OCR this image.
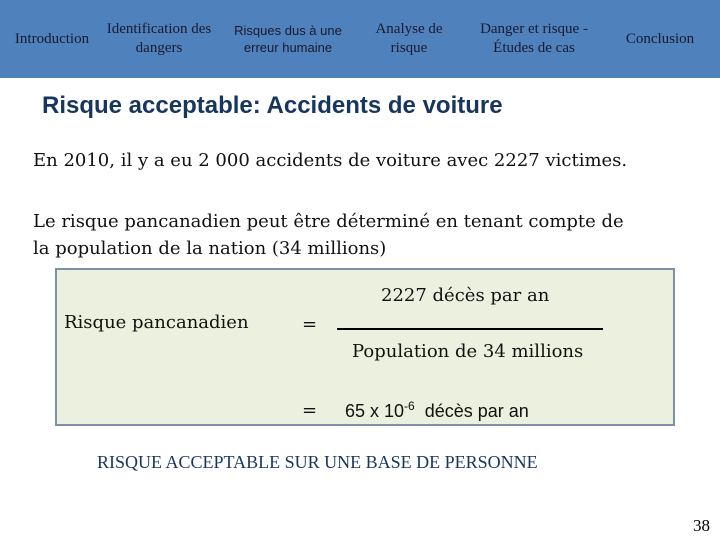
Introduction
Identification des dangers
Risques dus à une erreur humaine
Analyse de risque
Danger et risque - Études de cas
Conclusion
Risque acceptable: Accidents de voiture
En 2010, il y a eu 2 000 accidents de voiture avec 2227 victimes.
Le risque pancanadien peut être déterminé en tenant compte de
la population de la nation (34 millions)
Risque pancanadien	=
2227 décès par an
Population de 34 millions
= 65 x $10^{-6}$ décès par an
RISQUE ACCEPTABLE SUR UNE BASE DE PERSONNE
38
